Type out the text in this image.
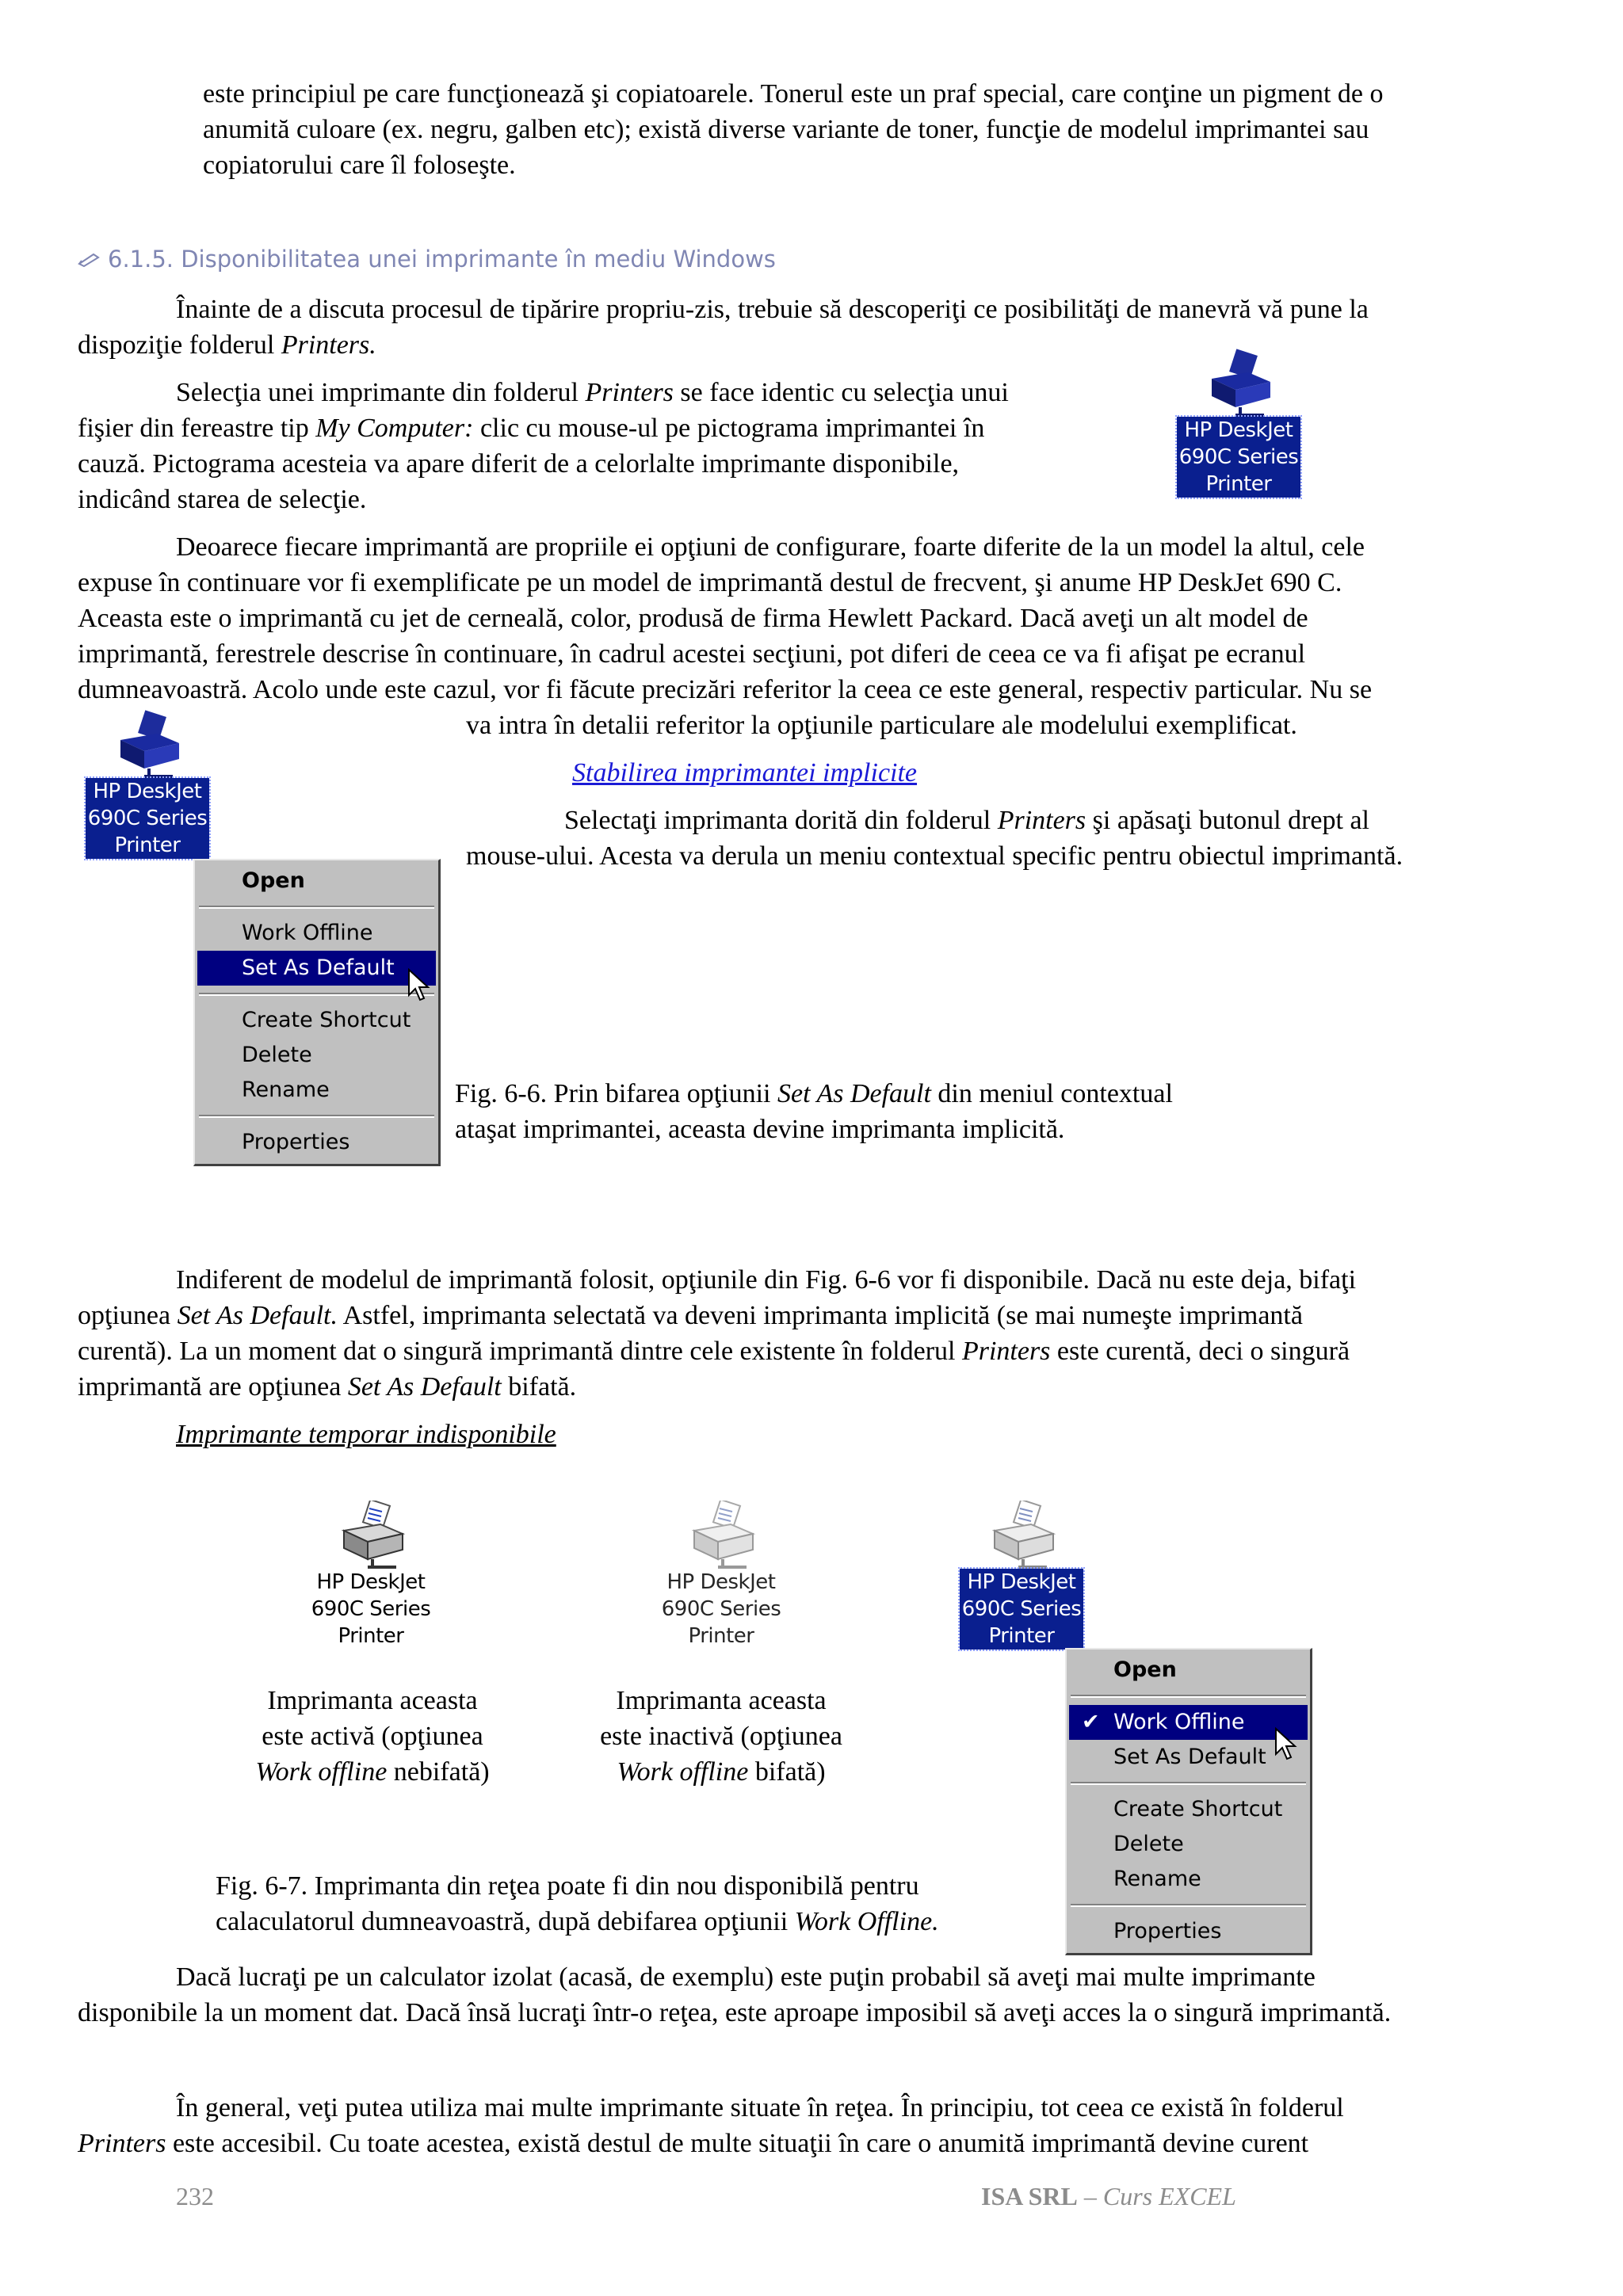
este principiul pe care funcţionează şi copiatoarele. Tonerul este un praf special, care conţine un pigment de o

anumită culoare (ex. negru, galben etc); există diverse variante de toner, funcţie de modelul imprimantei sau

copiatorului care îl foloseşte.

6.1.5. Disponibilitatea unei imprimante în mediu Windows

Înainte de a discuta procesul de tipărire propriu-zis, trebuie să descoperiţi ce posibilităţi de manevră vă pune la

dispoziţie folderul Printers.

Selecţia unei imprimante din folderul Printers se face identic cu selecţia unui

fişier din fereastre tip My Computer: clic cu mouse-ul pe pictograma imprimantei în

cauză. Pictograma acesteia va apare diferit de a celorlalte imprimante disponibile,

indicând starea de selecţie.

HP DeskJet
690C Series
Printer

Deoarece fiecare imprimantă are propriile ei opţiuni de configurare, foarte diferite de la un model la altul, cele

expuse în continuare vor fi exemplificate pe un model de imprimantă destul de frecvent, şi anume HP DeskJet 690 C.

Aceasta este o imprimantă cu jet de cerneală, color, produsă de firma Hewlett Packard. Dacă aveţi un alt model de

imprimantă, ferestrele descrise în continuare, în cadrul acestei secţiuni, pot diferi de ceea ce va fi afişat pe ecranul

dumneavoastră. Acolo unde este cazul, vor fi făcute precizări referitor la ceea ce este general, respectiv particular. Nu se

va intra în detalii referitor la opţiunile particulare ale modelului exemplificat.

HP DeskJet
690C Series
Printer

Stabilirea imprimantei implicite

Selectaţi imprimanta dorită din folderul Printers şi apăsaţi butonul drept al

mouse-ului. Acesta va derula un meniu contextual specific pentru obiectul imprimantă.

Open
Work Offline
Set As Default
Create Shortcut
Delete
Rename
Properties

Fig. 6-6. Prin bifarea opţiunii Set As Default din meniul contextual

ataşat imprimantei, aceasta devine imprimanta implicită.

Indiferent de modelul de imprimantă folosit, opţiunile din Fig. 6-6 vor fi disponibile. Dacă nu este deja, bifaţi

opţiunea Set As Default. Astfel, imprimanta selectată va deveni imprimanta implicită (se mai numeşte imprimantă

curentă). La un moment dat o singură imprimantă dintre cele existente în folderul Printers este curentă, deci o singură

imprimantă are opţiunea Set As Default bifată.

Imprimante temporar indisponibile

HP DeskJet
690C Series
Printer
HP DeskJet
690C Series
Printer
HP DeskJet
690C Series
Printer
Imprimanta aceasta
este activă (opţiunea
Work offline nebifată)
Imprimanta aceasta
este inactivă (opţiunea
Work offline bifată)
Open
✔ Work Offline
Set As Default
Create Shortcut
Delete
Rename
Properties

Fig. 6-7. Imprimanta din reţea poate fi din nou disponibilă pentru

calaculatorul dumneavoastră, după debifarea opţiunii Work Offline.

Dacă lucraţi pe un calculator izolat (acasă, de exemplu) este puţin probabil să aveţi mai multe imprimante

disponibile la un moment dat. Dacă însă lucraţi într-o reţea, este aproape imposibil să aveţi acces la o singură imprimantă.

În general, veţi putea utiliza mai multe imprimante situate în reţea. În principiu, tot ceea ce există în folderul

Printers este accesibil. Cu toate acestea, există destul de multe situaţii în care o anumită imprimantă devine curent

232	ISA SRL – Curs EXCEL
